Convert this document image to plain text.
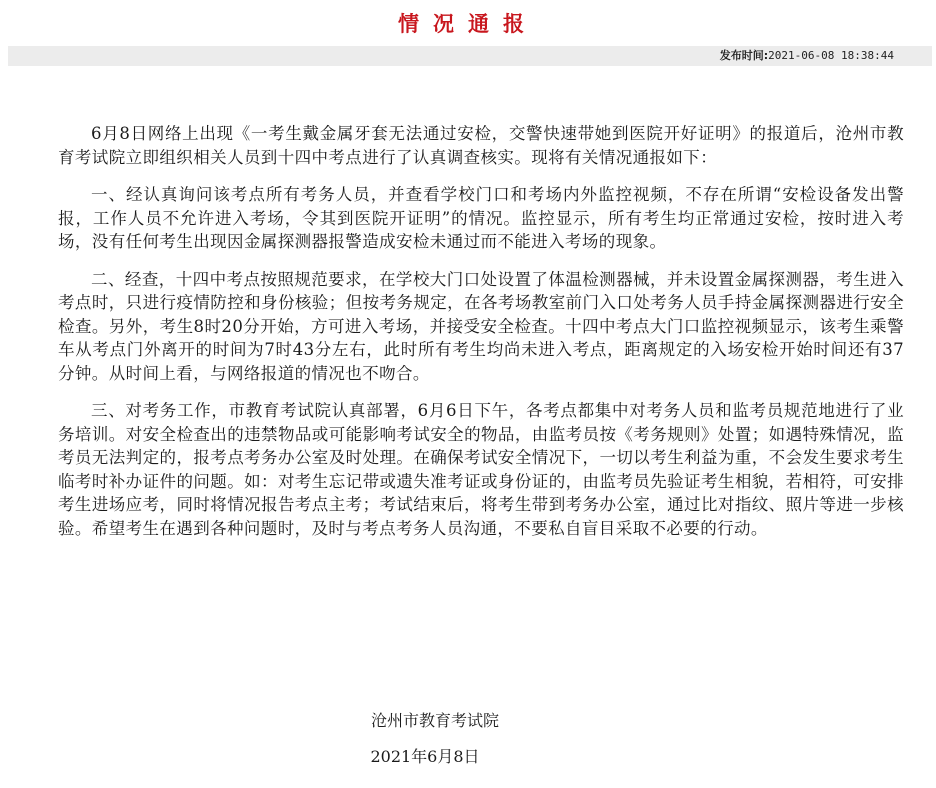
情况通报
发布时间:2021-06-08 18:38:44

6月8日网络上出现《一考生戴金属牙套无法通过安检，交警快速带她到医院开好证明》的报道后，沧州市教育考试院立即组织相关人员到十四中考点进行了认真调查核实。现将有关情况通报如下：

一、经认真询问该考点所有考务人员，并查看学校门口和考场内外监控视频，不存在所谓“安检设备发出警报，工作人员不允许进入考场，令其到医院开证明”的情况。监控显示，所有考生均正常通过安检，按时进入考场，没有任何考生出现因金属探测器报警造成安检未通过而不能进入考场的现象。

二、经查，十四中考点按照规范要求，在学校大门口处设置了体温检测器械，并未设置金属探测器，考生进入考点时，只进行疫情防控和身份核验；但按考务规定，在各考场教室前门入口处考务人员手持金属探测器进行安全检查。另外，考生8时20分开始，方可进入考场，并接受安全检查。十四中考点大门口监控视频显示，该考生乘警车从考点门外离开的时间为7时43分左右，此时所有考生均尚未进入考点，距离规定的入场安检开始时间还有37分钟。从时间上看，与网络报道的情况也不吻合。

三、对考务工作，市教育考试院认真部署，6月6日下午，各考点都集中对考务人员和监考员规范地进行了业务培训。对安全检查出的违禁物品或可能影响考试安全的物品，由监考员按《考务规则》处置；如遇特殊情况，监考员无法判定的，报考点考务办公室及时处理。在确保考试安全情况下，一切以考生利益为重，不会发生要求考生临考时补办证件的问题。如：对考生忘记带或遗失准考证或身份证的，由监考员先验证考生相貌，若相符，可安排考生进场应考，同时将情况报告考点主考；考试结束后，将考生带到考务办公室，通过比对指纹、照片等进一步核验。希望考生在遇到各种问题时，及时与考点考务人员沟通，不要私自盲目采取不必要的行动。

沧州市教育考试院
2021年6月8日
